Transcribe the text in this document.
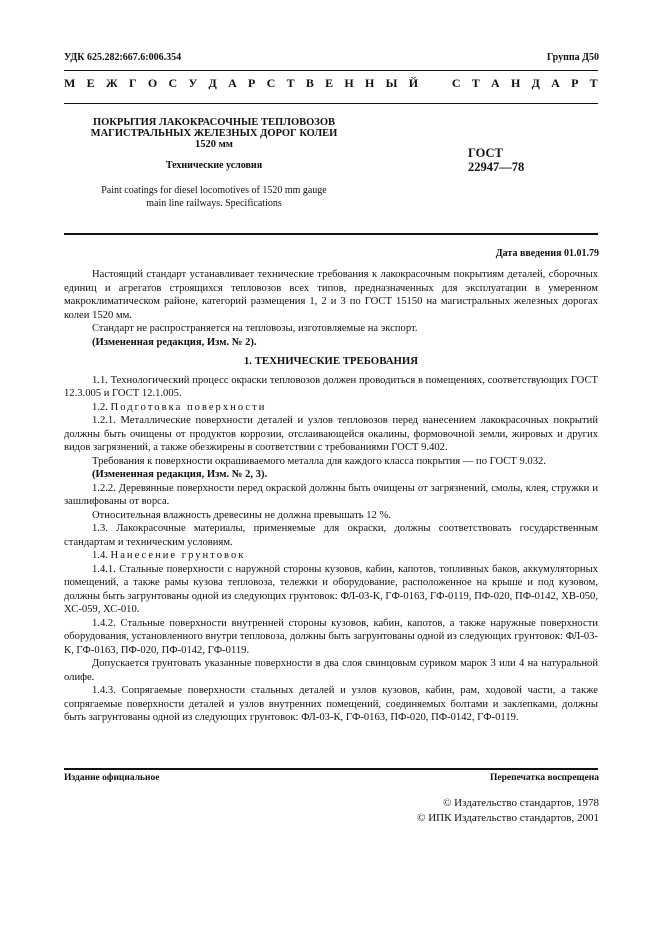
УДК 625.282:667.6:006.354	Группа Д50
М Е Ж Г О С У Д А Р С Т В Е Н Н Ы Й	С Т А Н Д А Р Т
ПОКРЫТИЯ ЛАКОКРАСОЧНЫЕ ТЕПЛОВОЗОВ
МАГИСТРАЛЬНЫХ ЖЕЛЕЗНЫХ ДОРОГ КОЛЕИ
1520 мм
Технические условия
Paint coatings for diesel locomotives of 1520 mm gauge
main line railways. Specifications
ГОСТ
22947—78
Дата введения 01.01.79

Настоящий стандарт устанавливает технические требования к лакокрасочным покрытиям деталей, сборочных единиц и агрегатов строящихся тепловозов всех типов, предназначенных для эксплуатации в умеренном макроклиматическом районе, категорий размещения 1, 2 и 3 по ГОСТ 15150 на магистральных железных дорогах колеи 1520 мм.

Стандарт не распространяется на тепловозы, изготовляемые на экспорт.

(Измененная редакция, Изм. № 2).

1. ТЕХНИЧЕСКИЕ ТРЕБОВАНИЯ

1.1. Технологический процесс окраски тепловозов должен проводиться в помещениях, соответствующих ГОСТ 12.3.005 и ГОСТ 12.1.005.

1.2. Подготовка поверхности

1.2.1. Металлические поверхности деталей и узлов тепловозов перед нанесением лакокрасочных покрытий должны быть очищены от продуктов коррозии, отслаивающейся окалины, формовочной земли, жировых и других видов загрязнений, а также обезжирены в соответствии с требованиями ГОСТ 9.402.

Требования к поверхности окрашиваемого металла для каждого класса покрытия — по ГОСТ 9.032.

(Измененная редакция, Изм. № 2, 3).

1.2.2. Деревянные поверхности перед окраской должны быть очищены от загрязнений, смолы, клея, стружки и зашлифованы от ворса.

Относительная влажность древесины не должна превышать 12 %.

1.3. Лакокрасочные материалы, применяемые для окраски, должны соответствовать государственным стандартам и техническим условиям.

1.4. Нанесение грунтовок

1.4.1. Стальные поверхности с наружной стороны кузовов, кабин, капотов, топливных баков, аккумуляторных помещений, а также рамы кузова тепловоза, тележки и оборудование, расположенное на крыше и под кузовом, должны быть загрунтованы одной из следующих грунтовок: ФЛ-03-К, ГФ-0163, ГФ-0119, ПФ-020, ПФ-0142, ХВ-050, ХС-059, ХС-010.

1.4.2. Стальные поверхности внутренней стороны кузовов, кабин, капотов, а также наружные поверхности оборудования, установленного внутри тепловоза, должны быть загрунтованы одной из следующих грунтовок: ФЛ-03-К, ГФ-0163, ПФ-020, ПФ-0142, ГФ-0119.

Допускается грунтовать указанные поверхности в два слоя свинцовым суриком марок 3 или 4 на натуральной олифе.

1.4.3. Сопрягаемые поверхности стальных деталей и узлов кузовов, кабин, рам, ходовой части, а также сопрягаемые поверхности деталей и узлов внутренних помещений, соединяемых болтами и заклепками, должны быть загрунтованы одной из следующих грунтовок: ФЛ-03-К, ГФ-0163, ПФ-020, ПФ-0142, ГФ-0119.

Издание официальное	Перепечатка воспрещена
© Издательство стандартов, 1978
© ИПК Издательство стандартов, 2001
